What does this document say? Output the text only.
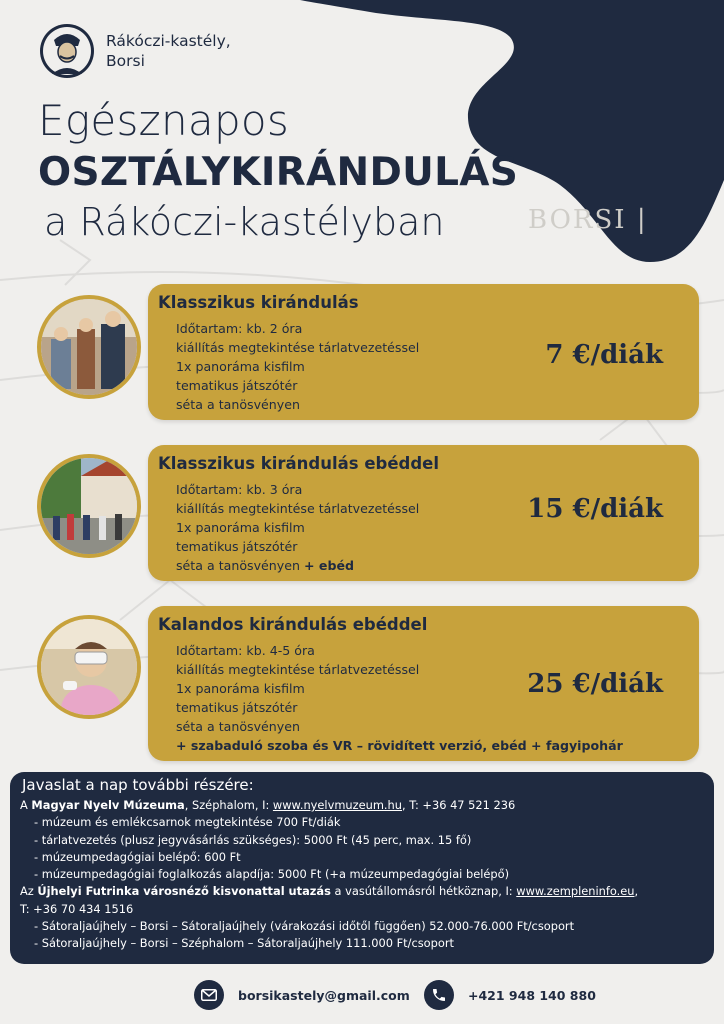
Rákóczi-kastély,
Borsi
Egésznapos
OSZTÁLYKIRÁNDULÁS
a Rákóczi-kastélyban	BORSI |
Klasszikus kirándulás
Időtartam: kb. 2 óra
kiállítás megtekintése tárlatvezetéssel
1x panoráma kisfilm
tematikus játszótér
séta a tanösvényen
7 €/diák
Klasszikus kirándulás ebéddel
Időtartam: kb. 3 óra
kiállítás megtekintése tárlatvezetéssel
1x panoráma kisfilm
tematikus játszótér
séta a tanösvényen + ebéd
15 €/diák
Kalandos kirándulás ebéddel
Időtartam: kb. 4-5 óra
kiállítás megtekintése tárlatvezetéssel
1x panoráma kisfilm
tematikus játszótér
séta a tanösvényen
+ szabaduló szoba és VR – rövidített verzió, ebéd + fagyipohár
25 €/diák
Javaslat a nap további részére:
A Magyar Nyelv Múzeuma, Széphalom, I: www.nyelvmuzeum.hu, T: +36 47 521 236
- múzeum és emlékcsarnok megtekintése 700 Ft/diák
- tárlatvezetés (plusz jegyvásárlás szükséges): 5000 Ft (45 perc, max. 15 fő)
- múzeumpedagógiai belépő: 600 Ft
- múzeumpedagógiai foglalkozás alapdíja: 5000 Ft (+a múzeumpedagógiai belépő)
Az Újhelyi Futrinka városnéző kisvonattal utazás a vasútállomásról hétköznap, I: www.zempleninfo.eu,
T: +36 70 434 1516
- Sátoraljaújhely – Borsi – Sátoraljaújhely (várakozási időtől függően) 52.000-76.000 Ft/csoport
- Sátoraljaújhely – Borsi – Széphalom – Sátoraljaújhely 111.000 Ft/csoport
borsikastely@gmail.com	+421 948 140 880
